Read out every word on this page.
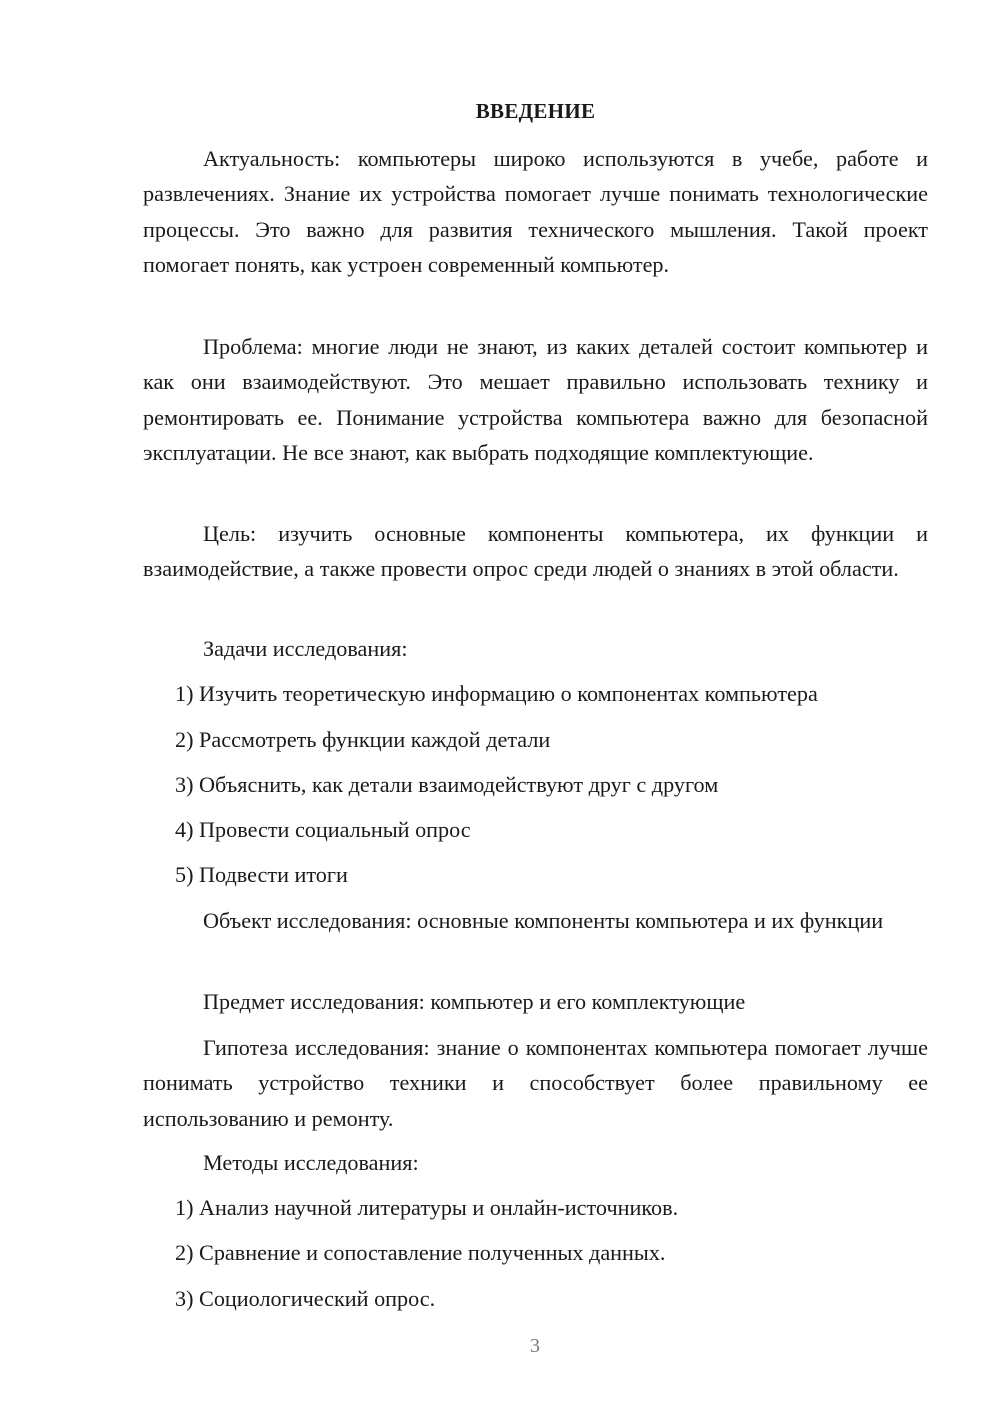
ВВЕДЕНИЕ

Актуальность: компьютеры широко используются в учебе, работе и развлечениях. Знание их устройства помогает лучше понимать технологические процессы. Это важно для развития технического мышления. Такой проект помогает понять, как устроен современный компьютер.

Проблема: многие люди не знают, из каких деталей состоит компьютер и как они взаимодействуют. Это мешает правильно использовать технику и ремонтировать ее. Понимание устройства компьютера важно для безопасной эксплуатации. Не все знают, как выбрать подходящие комплектующие.

Цель: изучить основные компоненты компьютера, их функции и взаимодействие, а также провести опрос среди людей о знаниях в этой области.

Задачи исследования:

1) Изучить теоретическую информацию о компонентах компьютера

2) Рассмотреть функции каждой детали

3) Объяснить, как детали взаимодействуют друг с другом

4) Провести социальный опрос

5) Подвести итоги

Объект исследования: основные компоненты компьютера и их функции

Предмет исследования: компьютер и его комплектующие

Гипотеза исследования: знание о компонентах компьютера помогает лучше понимать устройство техники и способствует более правильному ее использованию и ремонту.

Методы исследования:

1) Анализ научной литературы и онлайн-источников.

2) Сравнение и сопоставление полученных данных.

3) Социологический опрос.

3
